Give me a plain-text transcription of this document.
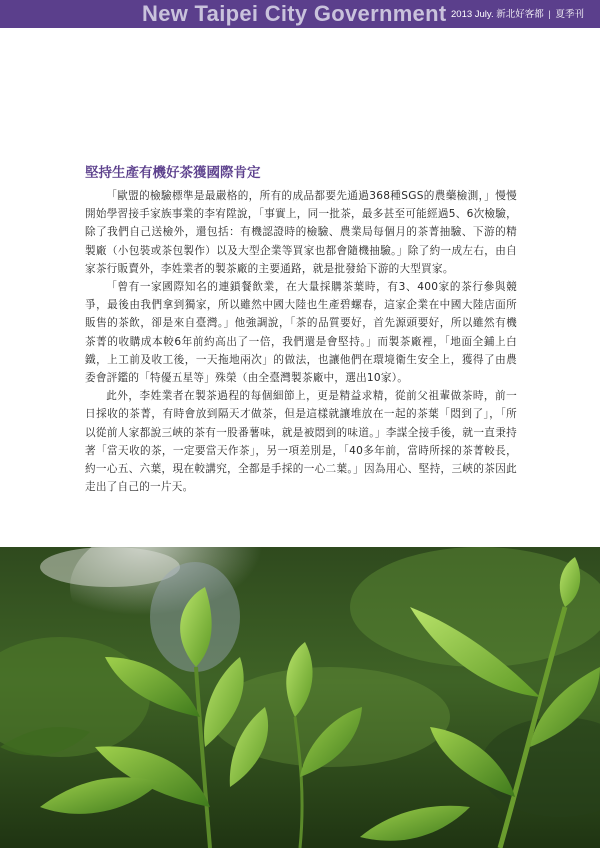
New Taipei City Government 2013 July. 新北好客都 | 夏季刊
堅持生產有機好茶獲國際肯定

「歐盟的檢驗標準是最嚴格的，所有的成品都要先通過368種SGS的農藥檢測，」慢慢開始學習接手家族事業的李宥陞說，「事實上，同一批茶，最多甚至可能經過5、6次檢驗，除了我們自己送檢外，還包括：有機認證時的檢驗、農業局每個月的茶菁抽驗、下游的精製廠（小包裝或茶包製作）以及大型企業等買家也都會隨機抽驗。」除了約一成左右，由自家茶行販賣外，李姓業者的製茶廠的主要通路，就是批發給下游的大型買家。

「曾有一家國際知名的連鎖餐飲業，在大量採購茶葉時，有3、400家的茶行參與競爭，最後由我們拿到獨家，所以雖然中國大陸也生產碧螺春，這家企業在中國大陸店面所販售的茶飲，卻是來自臺灣。」他強調說，「茶的品質要好，首先源頭要好，所以雖然有機茶菁的收購成本較6年前約高出了一倍，我們還是會堅持。」而製茶廠裡，「地面全鋪上白鐵，上工前及收工後，一天拖地兩次」的做法，也讓他們在環境衛生安全上，獲得了由農委會評鑑的「特優五星等」殊榮（由全臺灣製茶廠中，選出10家）。

此外，李姓業者在製茶過程的每個細節上，更是精益求精，從前父祖輩做茶時，前一日採收的茶菁，有時會放到隔天才做茶，但是這樣就讓堆放在一起的茶葉「悶到了」，「所以從前人家都說三峽的茶有一股番薯味，就是被悶到的味道。」李謀全接手後，就一直秉持著「當天收的茶，一定要當天作茶」，另一項差別是，「40多年前，當時所採的茶菁較長，約一心五、六葉，現在較講究，全都是手採的一心二葉。」因為用心、堅持，三峽的茶因此走出了自己的一片天。
